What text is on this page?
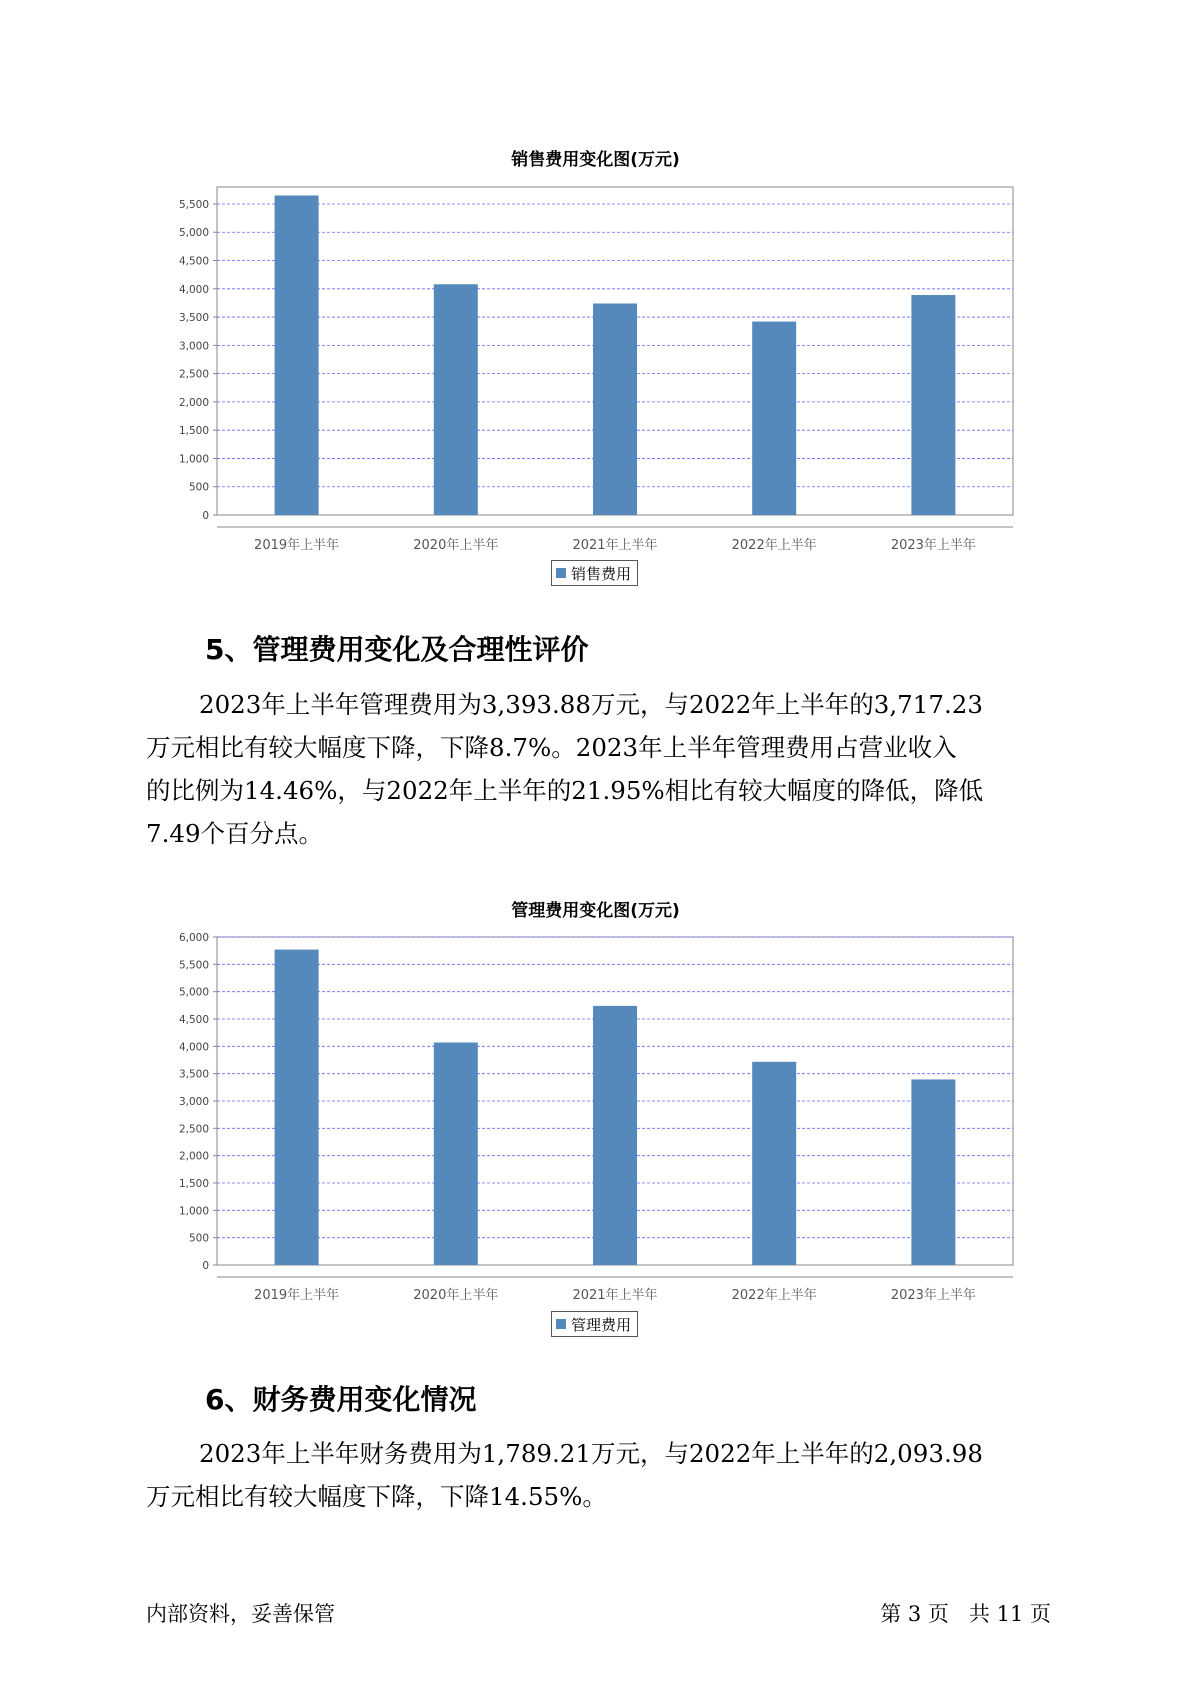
销售费用变化图(万元)
0
500
1,000
1,500
2,000
2,500
3,000
3,500
4,000
4,500
5,000
5,500
2019年上半年	2020年上半年	2021年上半年	2022年上半年	2023年上半年
销售费用
5、管理费用变化及合理性评价
2023年上半年管理费用为3,393.88万元，与2022年上半年的3,717.23
万元相比有较大幅度下降，下降8.7%。2023年上半年管理费用占营业收入
的比例为14.46%，与2022年上半年的21.95%相比有较大幅度的降低，降低
7.49个百分点。
管理费用变化图(万元)
0
500
1,000
1,500
2,000
2,500
3,000
3,500
4,000
4,500
5,000
5,500
6,000
2019年上半年	2020年上半年	2021年上半年	2022年上半年	2023年上半年
管理费用
6、财务费用变化情况
2023年上半年财务费用为1,789.21万元，与2022年上半年的2,093.98
万元相比有较大幅度下降，下降14.55%。
内部资料，妥善保管	第 3 页   共 11 页
